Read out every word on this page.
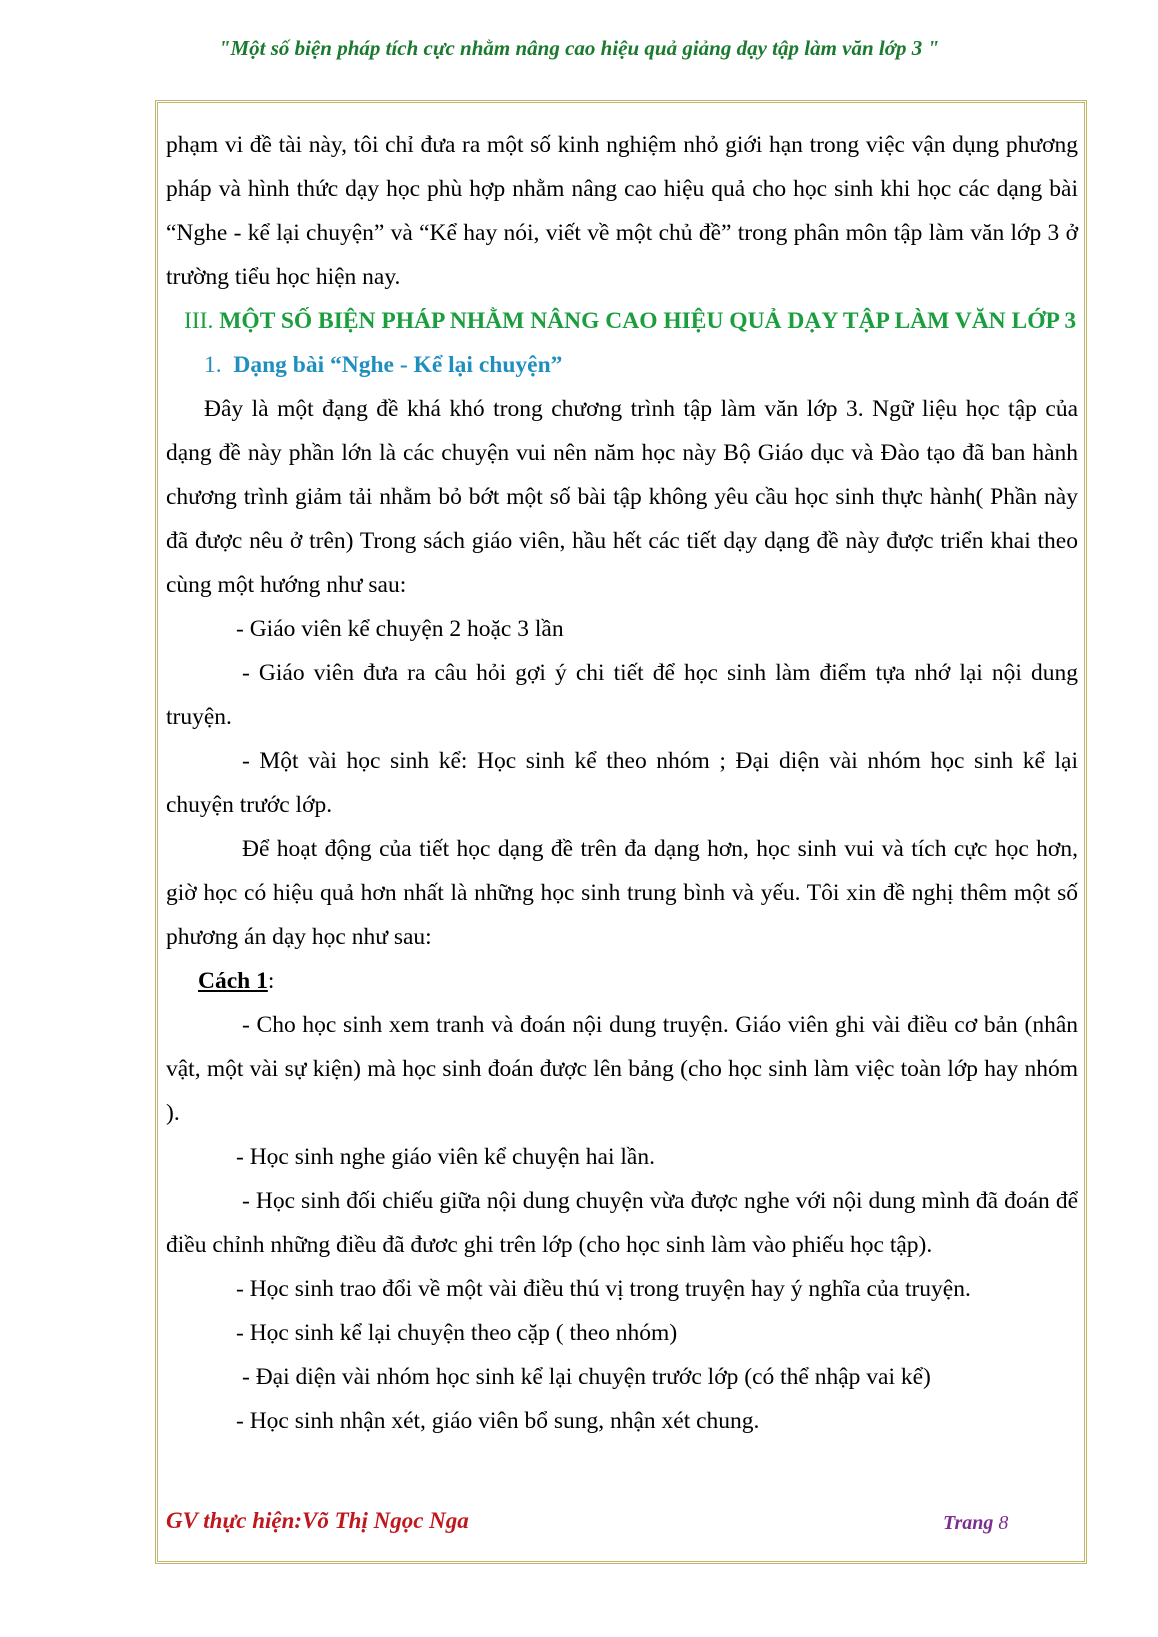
"Một số biện pháp tích cực nhằm nâng cao hiệu quả giảng dạy tập làm văn lớp 3 "

phạm vi đề tài này, tôi chỉ đưa ra một số kinh nghiệm nhỏ giới hạn trong việc vận dụng phương pháp và hình thức dạy học phù hợp nhằm nâng cao hiệu quả cho học sinh khi học các dạng bài “Nghe - kể lại chuyện” và “Kể hay nói, viết về một chủ đề” trong phân môn tập làm văn lớp 3 ở trường tiểu học hiện nay.

III. MỘT SỐ BIỆN PHÁP NHẰM NÂNG CAO HIỆU QUẢ DẠY TẬP LÀM VĂN LỚP 3

1. Dạng bài “Nghe - Kể lại chuyện”

Đây là một đạng đề khá khó trong chương trình tập làm văn lớp 3. Ngữ liệu học tập của dạng đề này phần lớn là các chuyện vui nên năm học này Bộ Giáo dục và Đào tạo đã ban hành chương trình giảm tải nhằm bỏ bớt một số bài tập không yêu cầu học sinh thực hành( Phần này đã được nêu ở trên) Trong sách giáo viên, hầu hết các tiết dạy dạng đề này được triển khai theo cùng một hướng như sau:

- Giáo viên kể chuyện 2 hoặc 3 lần

- Giáo viên đưa ra câu hỏi gợi ý chi tiết để học sinh làm điểm tựa nhớ lại nội dung truyện.

- Một vài học sinh kể: Học sinh kể theo nhóm ; Đại diện vài nhóm học sinh kể lại chuyện trước lớp.

Để hoạt động của tiết học dạng đề trên đa dạng hơn, học sinh vui và tích cực học hơn, giờ học có hiệu quả hơn nhất là những học sinh trung bình và yếu. Tôi xin đề nghị thêm một số phương án dạy học như sau:

Cách 1:

- Cho học sinh xem tranh và đoán nội dung truyện. Giáo viên ghi vài điều cơ bản (nhân vật, một vài sự kiện) mà học sinh đoán được lên bảng (cho học sinh làm việc toàn lớp hay nhóm ).

- Học sinh nghe giáo viên kể chuyện hai lần.

- Học sinh đối chiếu giữa nội dung chuyện vừa được nghe với nội dung mình đã đoán để điều chỉnh những điều đã đươc ghi trên lớp (cho học sinh làm vào phiếu học tập).

- Học sinh trao đổi về một vài điều thú vị trong truyện hay ý nghĩa của truyện.

- Học sinh kể lại chuyện theo cặp ( theo nhóm)

- Đại diện vài nhóm học sinh kể lại chuyện trước lớp (có thể nhập vai kể)

- Học sinh nhận xét, giáo viên bổ sung, nhận xét chung.

GV thực hiện:Võ Thị Ngọc Nga	Trang 8
